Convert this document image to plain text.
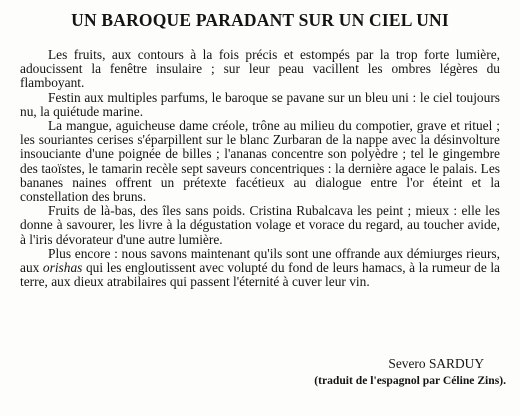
UN BAROQUE PARADANT SUR UN CIEL UNI

Les fruits, aux contours à la fois précis et estompés par la trop forte lumière, adoucissent la fenêtre insulaire ; sur leur peau vacillent les ombres légères du flamboyant.

Festin aux multiples parfums, le baroque se pavane sur un bleu uni : le ciel toujours nu, la quiétude marine.

La mangue, aguicheuse dame créole, trône au milieu du compotier, grave et rituel ; les souriantes cerises s'éparpillent sur le blanc Zurbaran de la nappe avec la désinvolture insouciante d'une poignée de billes ; l'ananas concentre son polyèdre ; tel le gingembre des taoïstes, le tamarin recèle sept saveurs concentriques : la dernière agace le palais. Les bananes naines offrent un prétexte facétieux au dialogue entre l'or éteint et la constellation des bruns.

Fruits de là-bas, des îles sans poids. Cristina Rubalcava les peint ; mieux : elle les donne à savourer, les livre à la dégustation volage et vorace du regard, au toucher avide, à l'iris dévorateur d'une autre lumière.

Plus encore : nous savons maintenant qu'ils sont une offrande aux démiurges rieurs, aux orishas qui les engloutissent avec volupté du fond de leurs hamacs, à la rumeur de la terre, aux dieux atrabilaires qui passent l'éternité à cuver leur vin.

Severo SARDUY
(traduit de l'espagnol par Céline Zins).
